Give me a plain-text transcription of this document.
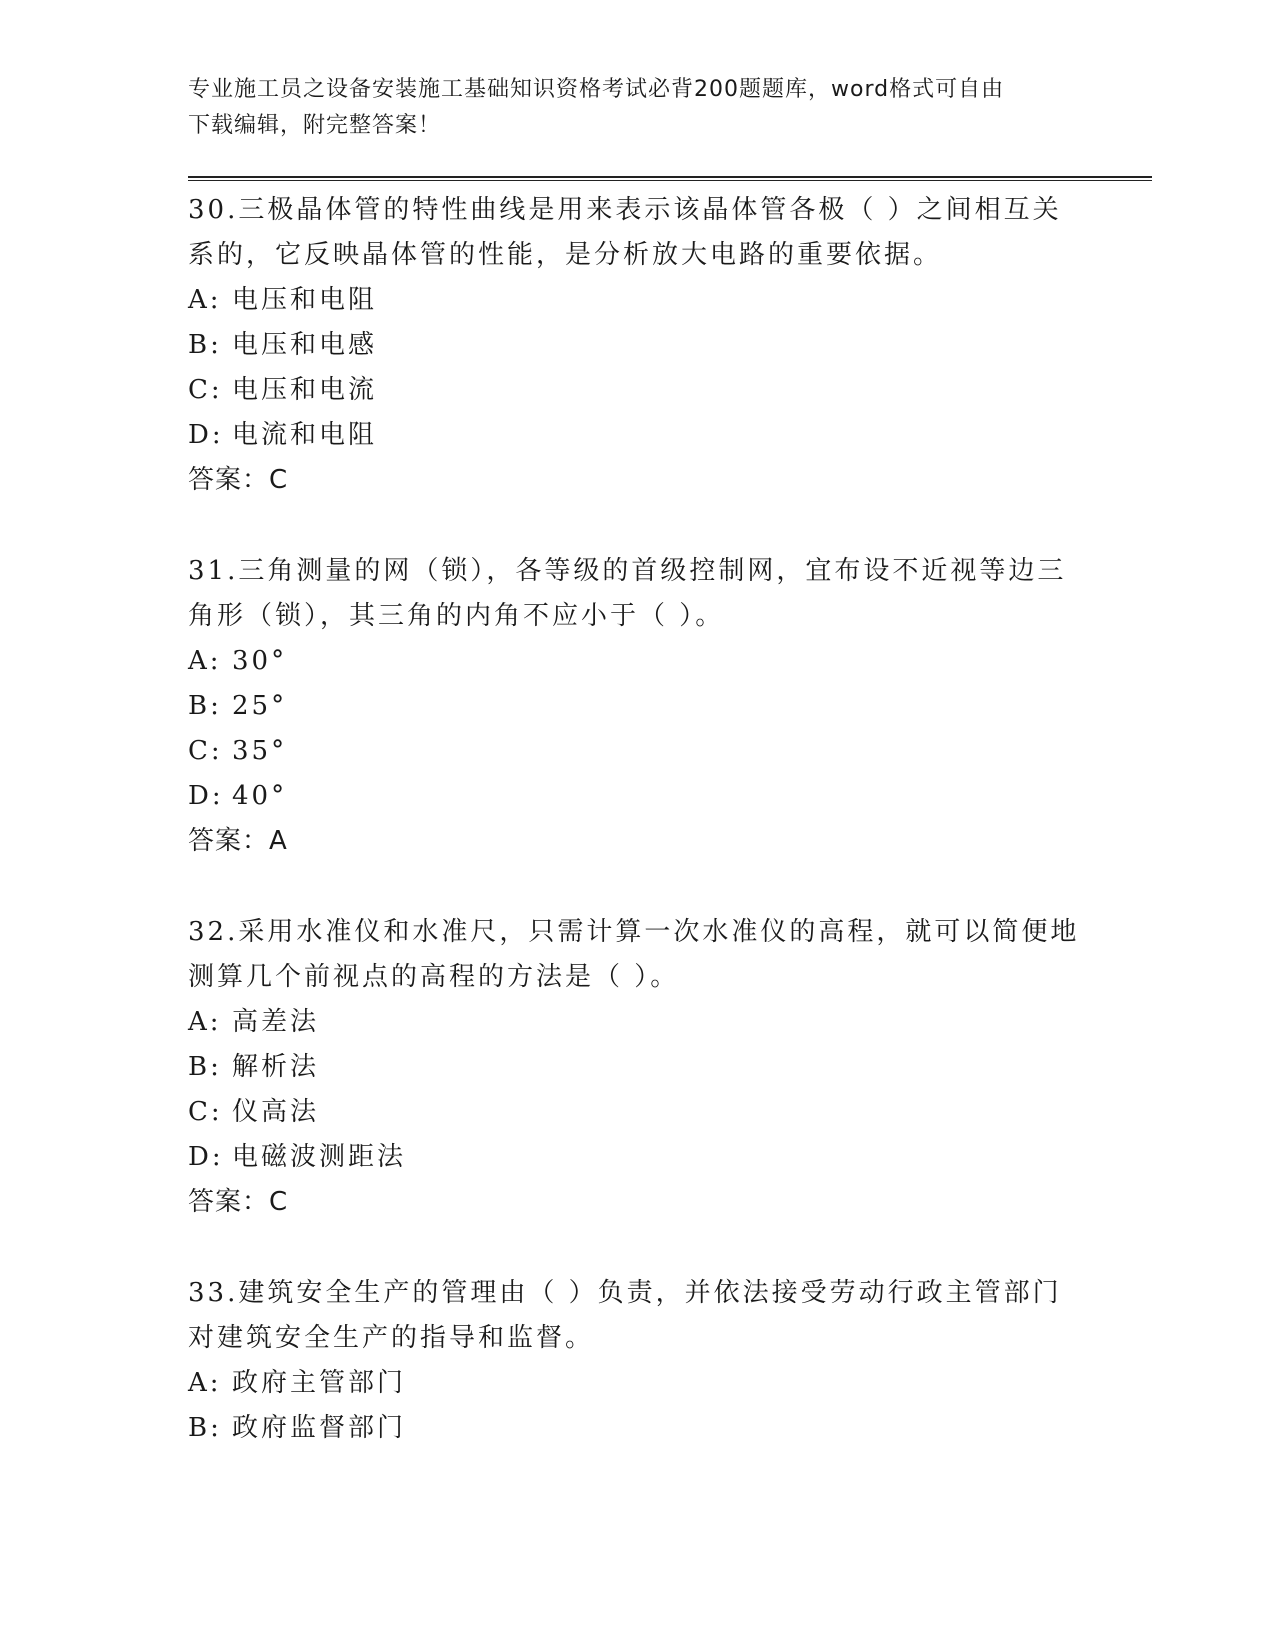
专业施工员之设备安装施工基础知识资格考试必背200题题库，word格式可自由
下载编辑，附完整答案！
30.三极晶体管的特性曲线是用来表示该晶体管各极（ ）之间相互关
系的，它反映晶体管的性能，是分析放大电路的重要依据。
A: 电压和电阻
B: 电压和电感
C: 电压和电流
D: 电流和电阻
答案：C
31.三角测量的网（锁），各等级的首级控制网，宜布设不近视等边三
角形（锁），其三角的内角不应小于（ ）。
A: 30°
B: 25°
C: 35°
D: 40°
答案：A
32.采用水准仪和水准尺，只需计算一次水准仪的高程，就可以简便地
测算几个前视点的高程的方法是（ ）。
A: 高差法
B: 解析法
C: 仪高法
D: 电磁波测距法
答案：C
33.建筑安全生产的管理由（ ）负责，并依法接受劳动行政主管部门
对建筑安全生产的指导和监督。
A: 政府主管部门
B: 政府监督部门
